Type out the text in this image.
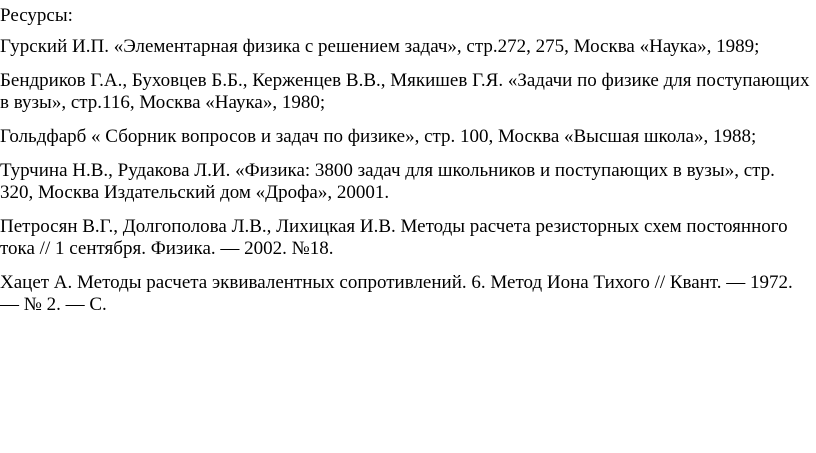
Ресурсы:
Гурский И.П. «Элементарная физика с решением задач», стр.272, 275, Москва «Наука», 1989;
Бендриков Г.А., Буховцев Б.Б., Керженцев В.В., Мякишев Г.Я. «Задачи по физике для поступающих в вузы», стр.116, Москва «Наука», 1980;
Гольдфарб « Сборник вопросов и задач по физике», стр. 100, Москва «Высшая школа», 1988;
Турчина Н.В., Рудакова Л.И. «Физика: 3800 задач для школьников и поступающих в вузы», стр. 320, Москва Издательский дом «Дрофа», 20001.
Петросян В.Г., Долгополова Л.В., Лихицкая И.В. Методы расчета резисторных схем постоянного тока // 1 сентября. Физика. — 2002. №18.
Хацет А. Методы расчета эквивалентных сопротивлений. 6. Метод Иона Тихого // Квант. — 1972. — № 2. — С.
